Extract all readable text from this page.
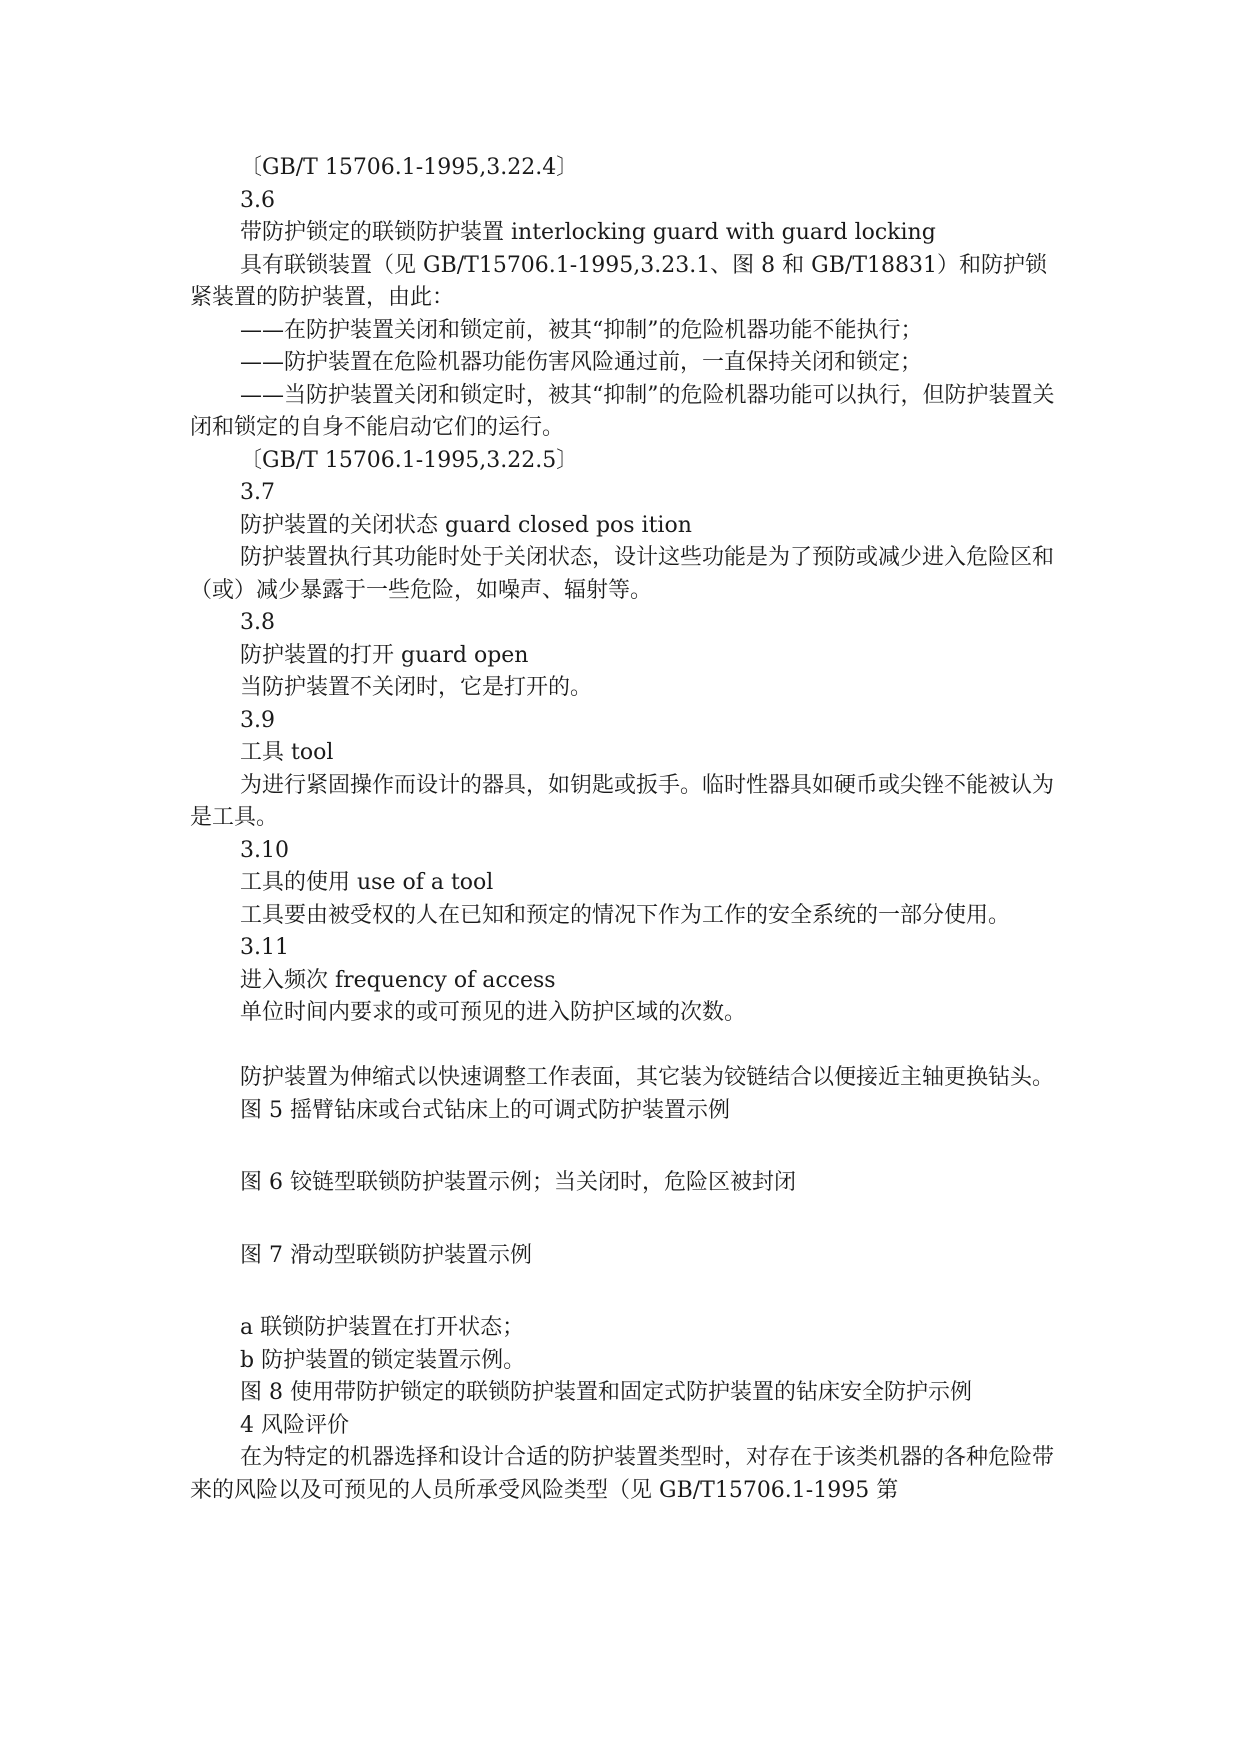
〔GB/T 15706.1-1995,3.22.4〕

3.6

带防护锁定的联锁防护装置 interlocking guard with guard locking

具有联锁装置（见 GB/T15706.1-1995,3.23.1、图 8 和 GB/T18831）和防护锁紧装置的防护装置，由此：

——在防护装置关闭和锁定前，被其“抑制”的危险机器功能不能执行；

——防护装置在危险机器功能伤害风险通过前，一直保持关闭和锁定；

——当防护装置关闭和锁定时，被其“抑制”的危险机器功能可以执行，但防护装置关闭和锁定的自身不能启动它们的运行。

〔GB/T 15706.1-1995,3.22.5〕

3.7

防护装置的关闭状态 guard closed pos ition

防护装置执行其功能时处于关闭状态，设计这些功能是为了预防或减少进入危险区和（或）减少暴露于一些危险，如噪声、辐射等。

3.8

防护装置的打开 guard open

当防护装置不关闭时，它是打开的。

3.9

工具 tool

为进行紧固操作而设计的器具，如钥匙或扳手。临时性器具如硬币或尖锉不能被认为是工具。

3.10

工具的使用 use of a tool

工具要由被受权的人在已知和预定的情况下作为工作的安全系统的一部分使用。

3.11

进入频次 frequency of access

单位时间内要求的或可预见的进入防护区域的次数。

防护装置为伸缩式以快速调整工作表面，其它装为铰链结合以便接近主轴更换钻头。

图 5 摇臂钻床或台式钻床上的可调式防护装置示例

图 6 铰链型联锁防护装置示例；当关闭时，危险区被封闭

图 7 滑动型联锁防护装置示例

a 联锁防护装置在打开状态；

b 防护装置的锁定装置示例。

图 8 使用带防护锁定的联锁防护装置和固定式防护装置的钻床安全防护示例

4 风险评价

在为特定的机器选择和设计合适的防护装置类型时，对存在于该类机器的各种危险带来的风险以及可预见的人员所承受风险类型（见 GB/T15706.1-1995 第
